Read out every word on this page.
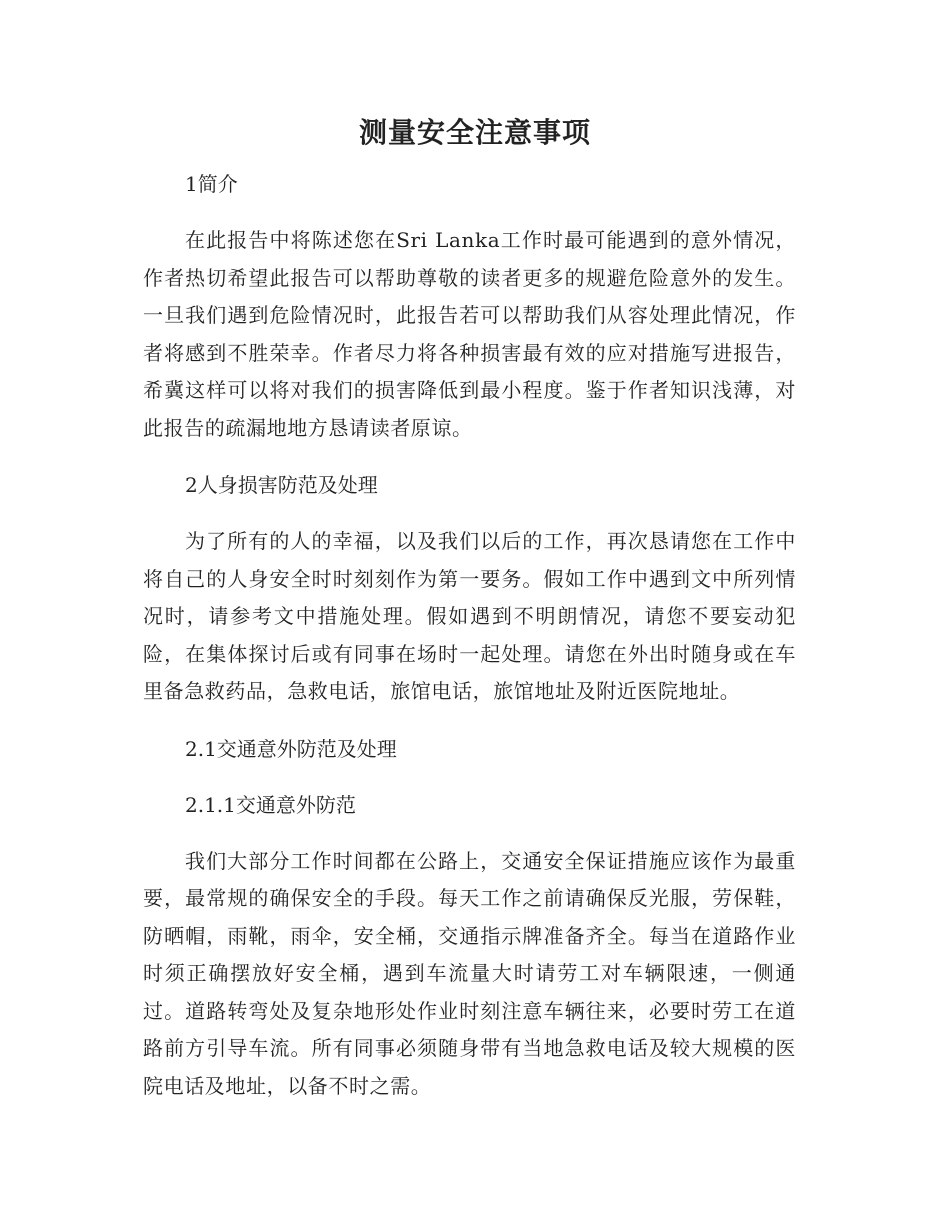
测量安全注意事项

1简介

在此报告中将陈述您在Sri Lanka工作时最可能遇到的意外情况，作者热切希望此报告可以帮助尊敬的读者更多的规避危险意外的发生。一旦我们遇到危险情况时，此报告若可以帮助我们从容处理此情况，作者将感到不胜荣幸。作者尽力将各种损害最有效的应对措施写进报告，希冀这样可以将对我们的损害降低到最小程度。鉴于作者知识浅薄，对此报告的疏漏地地方恳请读者原谅。

2人身损害防范及处理

为了所有的人的幸福，以及我们以后的工作，再次恳请您在工作中将自己的人身安全时时刻刻作为第一要务。假如工作中遇到文中所列情况时，请参考文中措施处理。假如遇到不明朗情况，请您不要妄动犯险，在集体探讨后或有同事在场时一起处理。请您在外出时随身或在车里备急救药品，急救电话，旅馆电话，旅馆地址及附近医院地址。

2.1交通意外防范及处理

2.1.1交通意外防范

我们大部分工作时间都在公路上，交通安全保证措施应该作为最重要，最常规的确保安全的手段。每天工作之前请确保反光服，劳保鞋，防晒帽，雨靴，雨伞，安全桶，交通指示牌准备齐全。每当在道路作业时须正确摆放好安全桶，遇到车流量大时请劳工对车辆限速，一侧通过。道路转弯处及复杂地形处作业时刻注意车辆往来，必要时劳工在道路前方引导车流。所有同事必须随身带有当地急救电话及较大规模的医院电话及地址，以备不时之需。
